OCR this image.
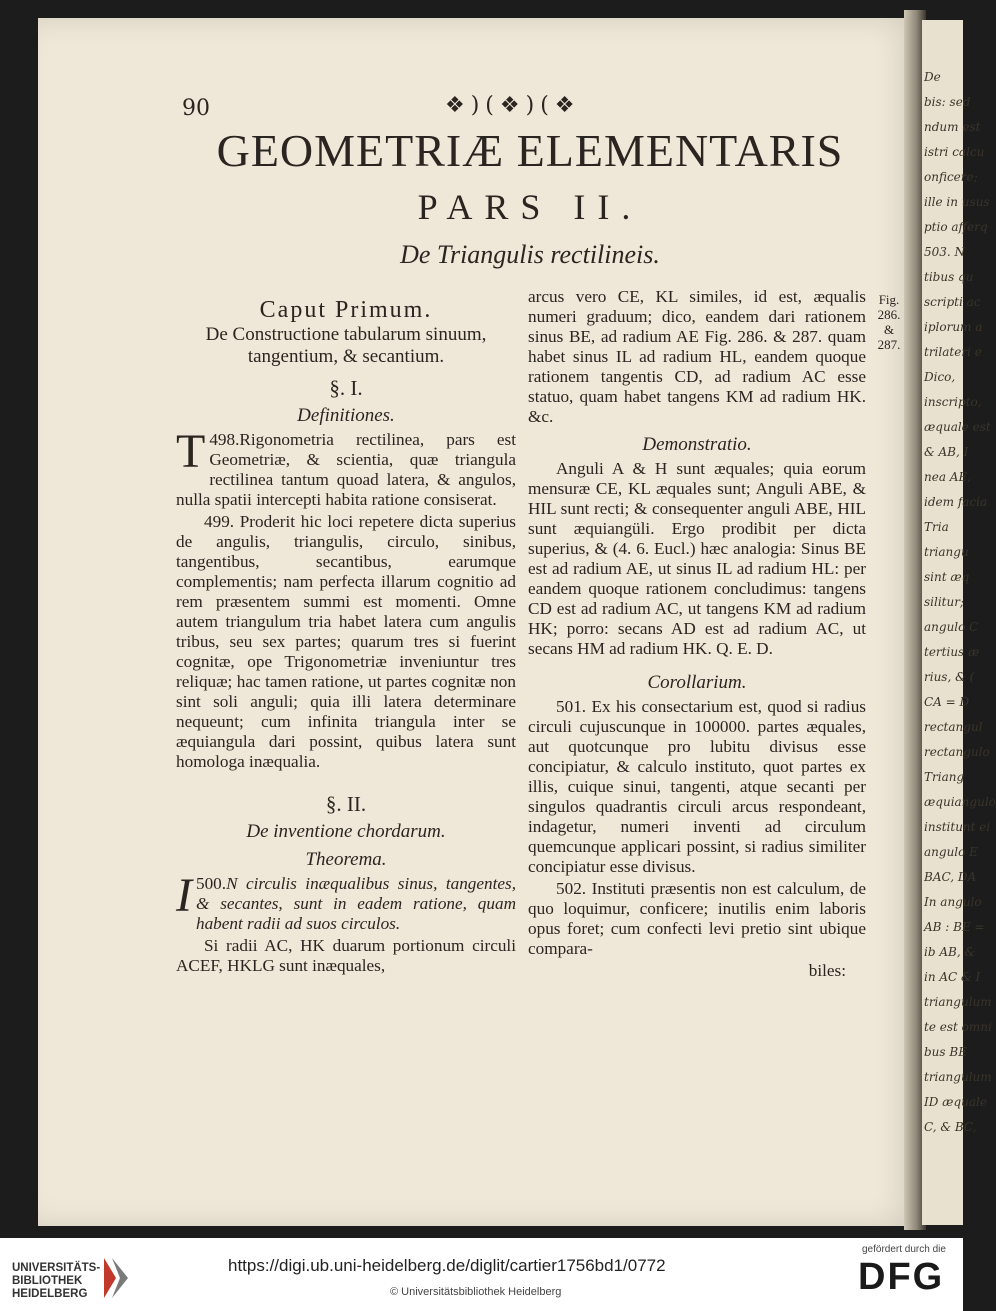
De
bis: sed
ndum est
istri calcu
onficere;
ille in usus
ptio afferq
503. N
tibus qu
scripti ac
iplorum a
trilateri e
Dico,
inscripto,
æquale est
& AB, I
nea AE,
idem facia
Tria
triangu
sint æq
silitur;
angulo C
tertius æ
rius, & (
CA = D
rectangul
rectangulo
Triang
æquiangulo
institunt ei
angulo E
BAC, DA
In angulo
AB : BE =
ib AB, &
in AC & I
triangulum
te est omni
bus BE
triangulum
ID æquale
C, & BC,
90	❖)(❖)(❖
GEOMETRIÆ ELEMENTARIS
PARS II.
De Triangulis rectilineis.
Caput Primum.
De Constructione tabularum sinuum, tangentium, & secantium.
§. I.
Definitiones.

498.
T Rigonometria rectilinea, pars est Geometriæ, & scientia, quæ triangula rectilinea tantum quoad latera, & angulos, nulla spatii intercepti habita ratione consiserat.

499. Proderit hic loci repetere dicta superius de angulis, triangulis, circulo, sinibus, tangentibus, secantibus, earumque complementis; nam perfecta illarum cognitio ad rem præsentem summi est momenti. Omne autem triangulum tria habet latera cum angulis tribus, seu sex partes; quarum tres si fuerint cognitæ, ope Trigonometriæ inveniuntur tres reliquæ; hac tamen ratione, ut partes cognitæ non sint soli anguli; quia illi latera determinare nequeunt; cum infinita triangula inter se æquiangula dari possint, quibus latera sunt homologa inæqualia.

§. II.
De inventione chordarum.
Theorema.

500.
I N circulis inæqualibus sinus, tangentes, & secantes, sunt in eadem ratione, quam habent radii ad suos circulos.

Si radii AC, HK duarum portionum circuli ACEF, HKLG sunt inæquales,

arcus vero CE, KL similes, id est, æqualis numeri graduum; dico, eandem dari rationem sinus BE, ad radium AE Fig. 286. & 287. quam habet sinus IL ad radium HL, eandem quoque rationem tangentis CD, ad radium AC esse statuo, quam habet tangens KM ad radium HK. &c.

Demonstratio.

Anguli A & H sunt æquales; quia eorum mensuræ CE, KL æquales sunt; Anguli ABE, & HIL sunt recti; & consequenter anguli ABE, HIL sunt æquiangüli. Ergo prodibit per dicta superius, & (4. 6. Eucl.) hæc analogia: Sinus BE est ad radium AE, ut sinus IL ad radium HL: per eandem quoque rationem concludimus: tangens CD est ad radium AC, ut tangens KM ad radium HK; porro: secans AD est ad radium AC, ut secans HM ad radium HK. Q. E. D.

Corollarium.

501. Ex his consectarium est, quod si radius circuli cujuscunque in 100000. partes æquales, aut quotcunque pro lubitu divisus esse concipiatur, & calculo instituto, quot partes ex illis, cuique sinui, tangenti, atque secanti per singulos quadrantis circuli arcus respondeant, indagetur, numeri inventi ad circulum quemcunque applicari possint, si radius similiter concipiatur esse divisus.

502. Instituti præsentis non est calculum, de quo loquimur, conficere; inutilis enim laboris opus foret; cum confecti levi pretio sint ubique compara-

biles:
Fig. 286. & 287.
UNIVERSITÄTS-
BIBLIOTHEK
HEIDELBERG
https://digi.ub.uni-heidelberg.de/diglit/cartier1756bd1/0772
© Universitätsbibliothek Heidelberg
gefördert durch die
DFG
